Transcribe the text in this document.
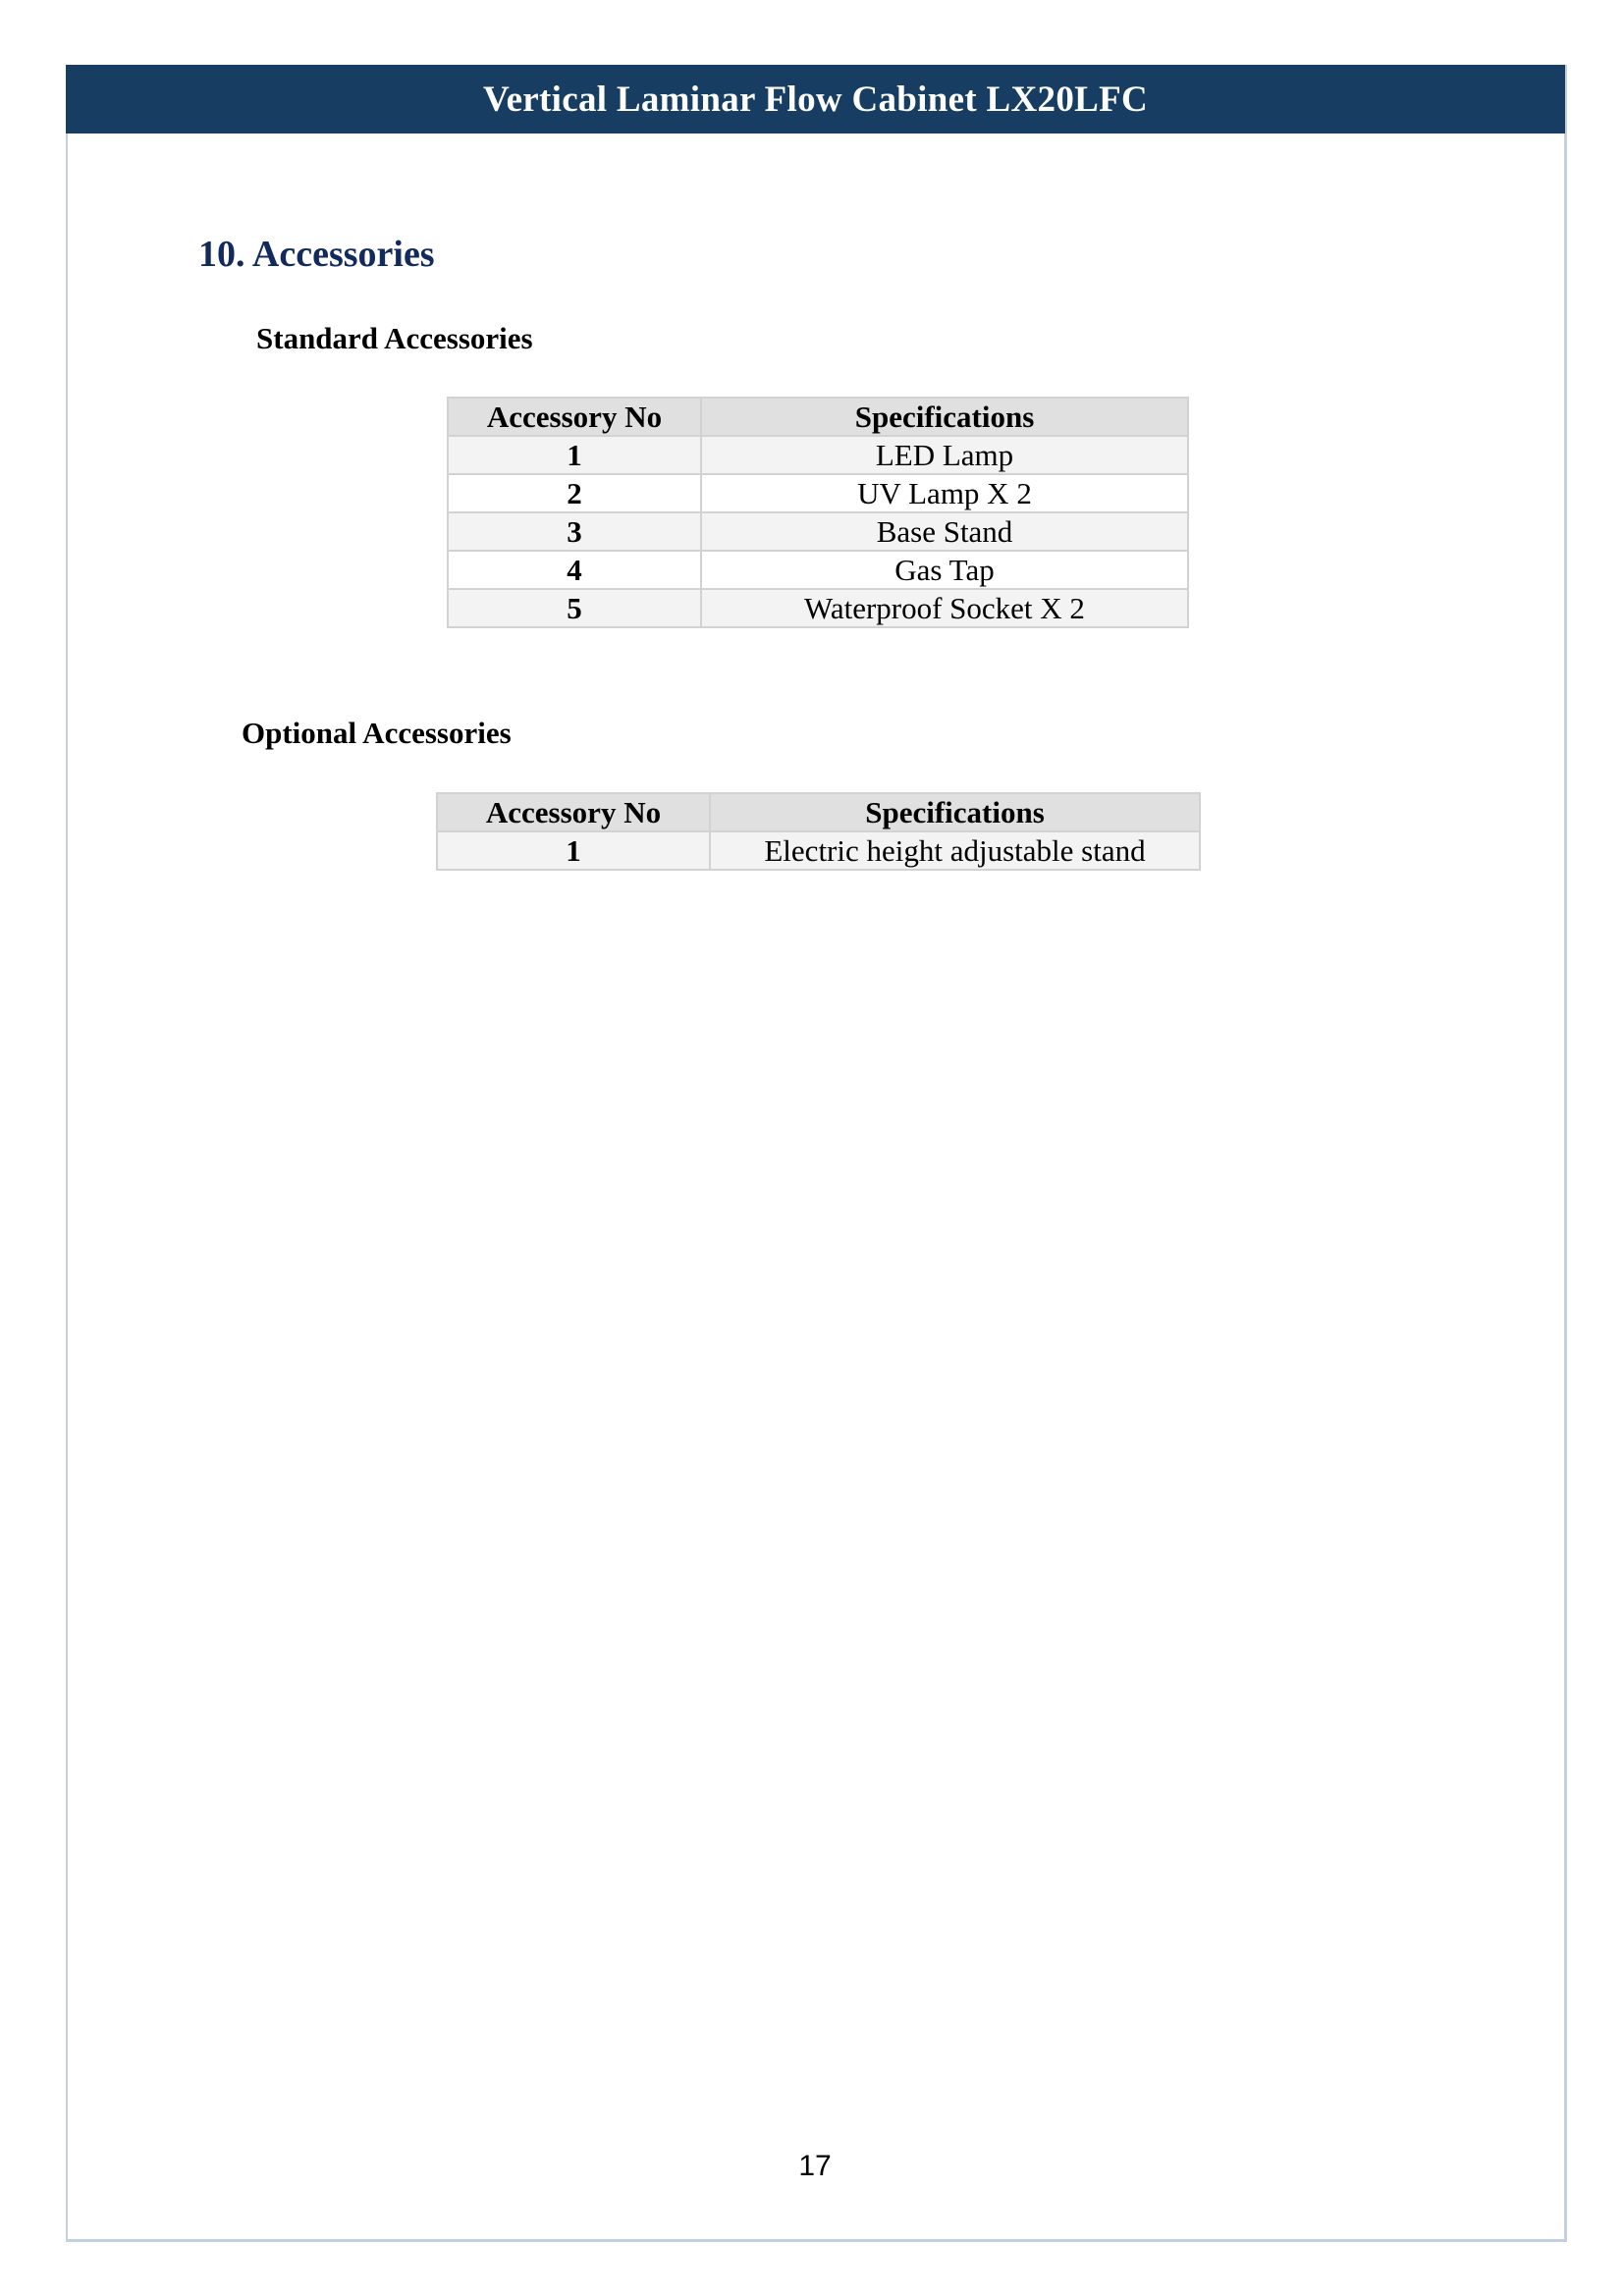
Vertical Laminar Flow Cabinet LX20LFC
10. Accessories
Standard Accessories
Accessory No	Specifications
1	LED Lamp
2	UV Lamp X 2
3	Base Stand
4	Gas Tap
5	Waterproof Socket X 2
Optional Accessories
Accessory No	Specifications
1	Electric height adjustable stand
17
